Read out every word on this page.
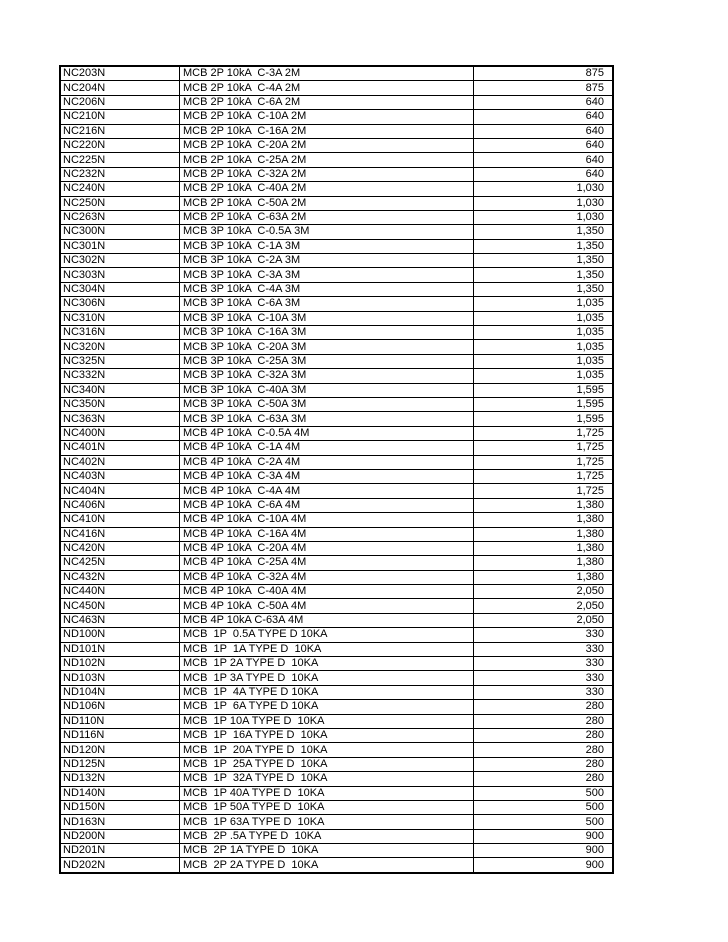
NC203N	MCB 2P 10kA  C-3A 2M	875
NC204N	MCB 2P 10kA  C-4A 2M	875
NC206N	MCB 2P 10kA  C-6A 2M	640
NC210N	MCB 2P 10kA  C-10A 2M	640
NC216N	MCB 2P 10kA  C-16A 2M	640
NC220N	MCB 2P 10kA  C-20A 2M	640
NC225N	MCB 2P 10kA  C-25A 2M	640
NC232N	MCB 2P 10kA  C-32A 2M	640
NC240N	MCB 2P 10kA  C-40A 2M	1,030
NC250N	MCB 2P 10kA  C-50A 2M	1,030
NC263N	MCB 2P 10kA  C-63A 2M	1,030
NC300N	MCB 3P 10kA  C-0.5A 3M	1,350
NC301N	MCB 3P 10kA  C-1A 3M	1,350
NC302N	MCB 3P 10kA  C-2A 3M	1,350
NC303N	MCB 3P 10kA  C-3A 3M	1,350
NC304N	MCB 3P 10kA  C-4A 3M	1,350
NC306N	MCB 3P 10kA  C-6A 3M	1,035
NC310N	MCB 3P 10kA  C-10A 3M	1,035
NC316N	MCB 3P 10kA  C-16A 3M	1,035
NC320N	MCB 3P 10kA  C-20A 3M	1,035
NC325N	MCB 3P 10kA  C-25A 3M	1,035
NC332N	MCB 3P 10kA  C-32A 3M	1,035
NC340N	MCB 3P 10kA  C-40A 3M	1,595
NC350N	MCB 3P 10kA  C-50A 3M	1,595
NC363N	MCB 3P 10kA  C-63A 3M	1,595
NC400N	MCB 4P 10kA  C-0.5A 4M	1,725
NC401N	MCB 4P 10kA  C-1A 4M	1,725
NC402N	MCB 4P 10kA  C-2A 4M	1,725
NC403N	MCB 4P 10kA  C-3A 4M	1,725
NC404N	MCB 4P 10kA  C-4A 4M	1,725
NC406N	MCB 4P 10kA  C-6A 4M	1,380
NC410N	MCB 4P 10kA  C-10A 4M	1,380
NC416N	MCB 4P 10kA  C-16A 4M	1,380
NC420N	MCB 4P 10kA  C-20A 4M	1,380
NC425N	MCB 4P 10kA  C-25A 4M	1,380
NC432N	MCB 4P 10kA  C-32A 4M	1,380
NC440N	MCB 4P 10kA  C-40A 4M	2,050
NC450N	MCB 4P 10kA  C-50A 4M	2,050
NC463N	MCB 4P 10kA C-63A 4M	2,050
ND100N	MCB  1P  0.5A TYPE D 10KA	330
ND101N	MCB  1P  1A TYPE D  10KA	330
ND102N	MCB  1P 2A TYPE D  10KA	330
ND103N	MCB  1P 3A TYPE D  10KA	330
ND104N	MCB  1P  4A TYPE D 10KA	330
ND106N	MCB  1P  6A TYPE D 10KA	280
ND110N	MCB  1P 10A TYPE D  10KA	280
ND116N	MCB  1P  16A TYPE D  10KA	280
ND120N	MCB  1P  20A TYPE D  10KA	280
ND125N	MCB  1P  25A TYPE D  10KA	280
ND132N	MCB  1P  32A TYPE D  10KA	280
ND140N	MCB  1P 40A TYPE D  10KA	500
ND150N	MCB  1P 50A TYPE D  10KA	500
ND163N	MCB  1P 63A TYPE D  10KA	500
ND200N	MCB  2P .5A TYPE D  10KA	900
ND201N	MCB  2P 1A TYPE D  10KA	900
ND202N	MCB  2P 2A TYPE D  10KA	900
